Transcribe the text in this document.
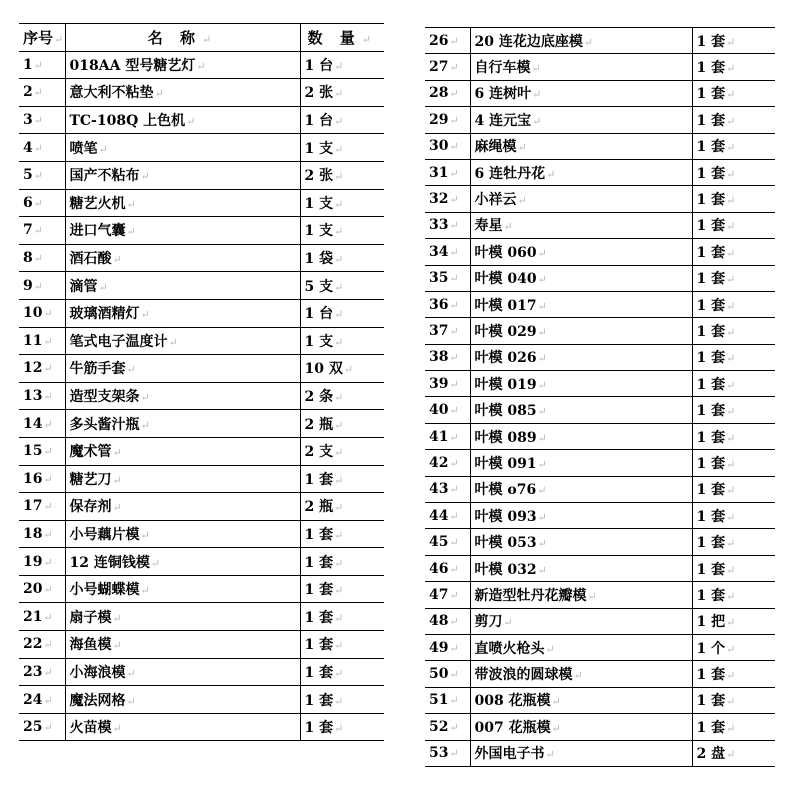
序号↵	名 称↵	数 量↵
1↵	018AA 型号糖艺灯↵	1 台↵
2↵	意大利不粘垫↵	2 张↵
3↵	TC-108Q 上色机↵	1 台↵
4↵	喷笔↵	1 支↵
5↵	国产不粘布↵	2 张↵
6↵	糖艺火机↵	1 支↵
7↵	进口气囊↵	1 支↵
8↵	酒石酸↵	1 袋↵
9↵	滴管↵	5 支↵
10↵	玻璃酒精灯↵	1 台↵
11↵	笔式电子温度计↵	1 支↵
12↵	牛筋手套↵	10 双↵
13↵	造型支架条↵	2 条↵
14↵	多头酱汁瓶↵	2 瓶↵
15↵	魔术管↵	2 支↵
16↵	糖艺刀↵	1 套↵
17↵	保存剂↵	2 瓶↵
18↵	小号藕片模↵	1 套↵
19↵	12 连铜钱模↵	1 套↵
20↵	小号蝴蝶模↵	1 套↵
21↵	扇子模↵	1 套↵
22↵	海鱼模↵	1 套↵
23↵	小海浪模↵	1 套↵
24↵	魔法网格↵	1 套↵
25↵	火苗模↵	1 套↵
26↵	20 连花边底座模↵	1 套↵
27↵	自行车模↵	1 套↵
28↵	6 连树叶↵	1 套↵
29↵	4 连元宝↵	1 套↵
30↵	麻绳模↵	1 套↵
31↵	6 连牡丹花↵	1 套↵
32↵	小祥云↵	1 套↵
33↵	寿星↵	1 套↵
34↵	叶模 060↵	1 套↵
35↵	叶模 040↵	1 套↵
36↵	叶模 017↵	1 套↵
37↵	叶模 029↵	1 套↵
38↵	叶模 026↵	1 套↵
39↵	叶模 019↵	1 套↵
40↵	叶模 085↵	1 套↵
41↵	叶模 089↵	1 套↵
42↵	叶模 091↵	1 套↵
43↵	叶模 o76↵	1 套↵
44↵	叶模 093↵	1 套↵
45↵	叶模 053↵	1 套↵
46↵	叶模 032↵	1 套↵
47↵	新造型牡丹花瓣模↵	1 套↵
48↵	剪刀↵	1 把↵
49↵	直喷火枪头↵	1 个↵
50↵	带波浪的圆球模↵	1 套↵
51↵	008 花瓶模↵	1 套↵
52↵	007 花瓶模↵	1 套↵
53↵	外国电子书↵	2 盘↵
